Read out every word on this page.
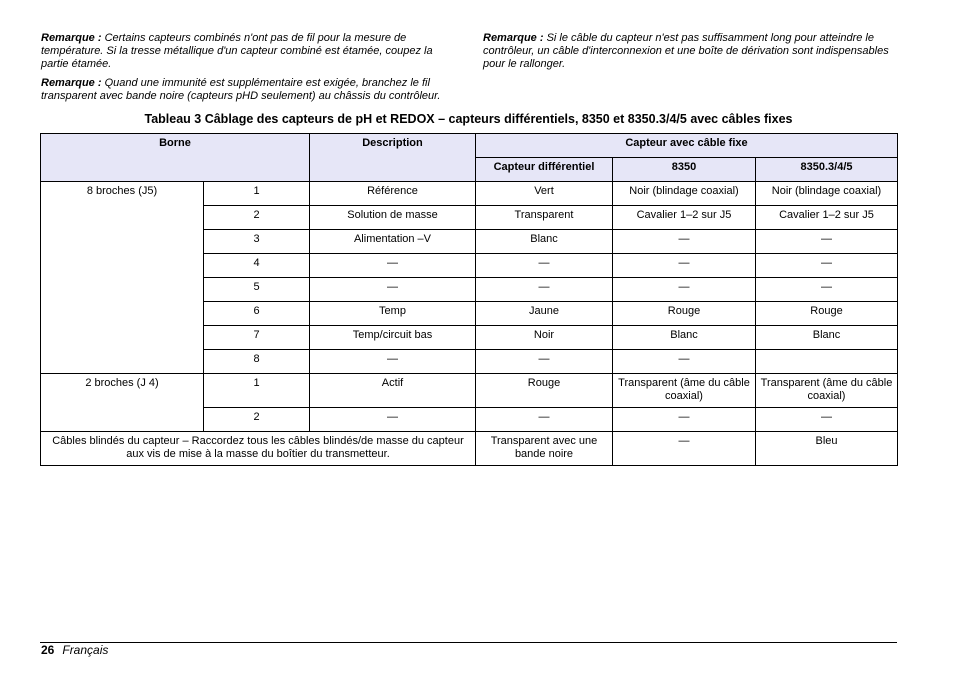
Remarque : Certains capteurs combinés n'ont pas de fil pour la mesure de température. Si la tresse métallique d'un capteur combiné est étamée, coupez la partie étamée.
Remarque : Quand une immunité est supplémentaire est exigée, branchez le fil transparent avec bande noire (capteurs pHD seulement) au châssis du contrôleur.
Remarque : Si le câble du capteur n'est pas suffisamment long pour atteindre le contrôleur, un câble d'interconnexion et une boîte de dérivation sont indispensables pour le rallonger.
Tableau 3 Câblage des capteurs de pH et REDOX – capteurs différentiels, 8350 et 8350.3/4/5 avec câbles fixes
Borne		Description	Capteur avec câble fixe		
			Capteur différentiel	8350	8350.3/4/5
8 broches (J5)	1	Référence	Vert	Noir (blindage coaxial)	Noir (blindage coaxial)
	2	Solution de masse	Transparent	Cavalier 1–2 sur J5	Cavalier 1–2 sur J5
	3	Alimentation –V	Blanc	—	—
	4	—	—	—	—
	5	—	—	—	—
	6	Temp	Jaune	Rouge	Rouge
	7	Temp/circuit bas	Noir	Blanc	Blanc
	8	—	—	—	
2 broches (J 4)	1	Actif	Rouge	Transparent (âme du câble coaxial)	Transparent (âme du câble coaxial)
	2	—	—	—	—
Câbles blindés du capteur – Raccordez tous les câbles blindés/de masse du capteur aux vis de mise à la masse du boîtier du transmetteur.			Transparent avec une bande noire	—	Bleu
26 Français
